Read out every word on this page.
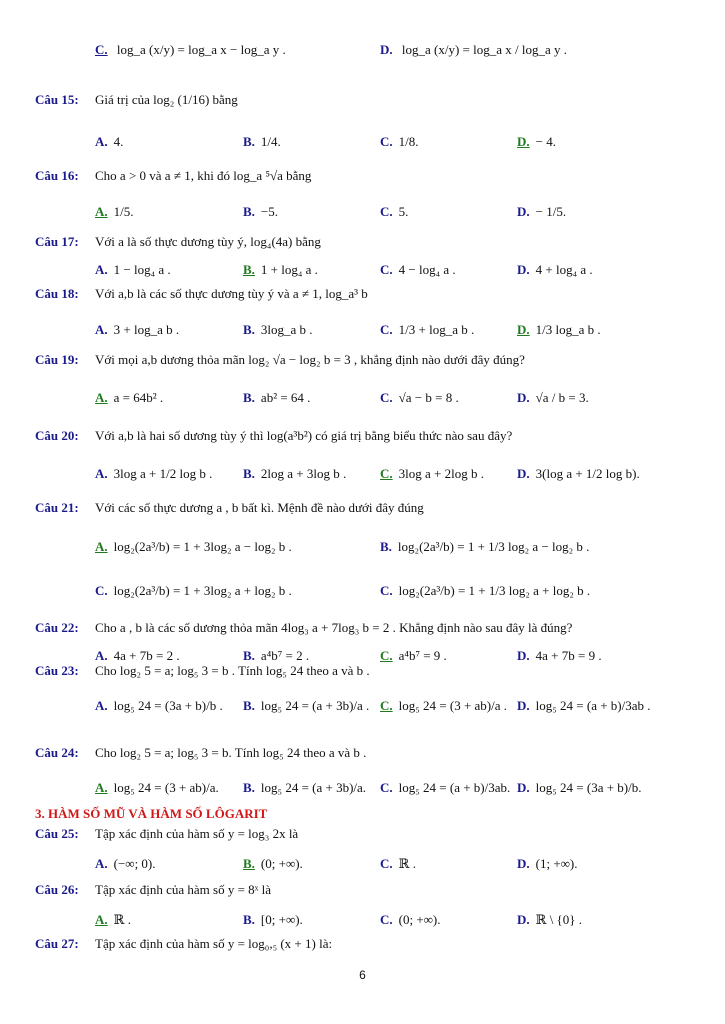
C. log_a (x/y) = log_a x − log_a y .	D. log_a (x/y) = log_a x / log_a y .
Câu 15: Giá trị của log₂ (1/16) bằng
A. 4.	B. 1/4.	C. 1/8.	D. − 4.
Câu 16: Cho a > 0 và a ≠ 1, khi đó log_a ⁵√a bằng
A. 1/5.	B. −5.	C. 5.	D. − 1/5.
Câu 17: Với a là số thực dương tùy ý, log₄(4a) bằng
A. 1 − log₄ a .	B. 1 + log₄ a .	C. 4 − log₄ a .	D. 4 + log₄ a .
Câu 18: Với a,b là các số thực dương tùy ý và a ≠ 1, log_a³ b
A. 3 + log_a b .	B. 3log_a b .	C. 1/3 + log_a b .	D. 1/3 log_a b .
Câu 19: Với mọi a,b dương thỏa mãn log₂ √a − log₂ b = 3 , khẳng định nào dưới đây đúng?
A. a = 64b² .	B. ab² = 64 .	C. √a − b = 8 .	D. √a / b = 3.
Câu 20: Với a,b là hai số dương tùy ý thì log(a³b²) có giá trị bằng biểu thức nào sau đây?
A. 3log a + 1/2 log b . B. 2log a + 3log b .	C. 3log a + 2log b .	D. 3(log a + 1/2 log b).
Câu 21: Với các số thực dương a , b bất kì. Mệnh đề nào dưới đây đúng
A. log₂(2a³/b) = 1 + 3log₂ a − log₂ b .	B. log₂(2a³/b) = 1 + 1/3 log₂ a − log₂ b .
C. log₂(2a³/b) = 1 + 3log₂ a + log₂ b .	C. log₂(2a³/b) = 1 + 1/3 log₂ a + log₂ b .
Câu 22: Cho a , b là các số dương thỏa mãn 4log₃ a + 7log₃ b = 2 . Khẳng định nào sau đây là đúng?
A. 4a + 7b = 2 .	B. a⁴b⁷ = 2 .	C. a⁴b⁷ = 9 .	D. 4a + 7b = 9 .
Câu 23: Cho log₂ 5 = a; log₅ 3 = b . Tính log₅ 24 theo a và b .
A. log₅ 24 = (3a + b)/b . B. log₅ 24 = (a + 3b)/a . C. log₅ 24 = (3 + ab)/a . D. log₅ 24 = (a + b)/3ab .
Câu 24: Cho log₂ 5 = a; log₅ 3 = b. Tính log₅ 24 theo a và b .
A. log₅ 24 = (3 + ab)/a. B. log₅ 24 = (a + 3b)/a. C. log₅ 24 = (a + b)/3ab. D. log₅ 24 = (3a + b)/b.
3. HÀM SỐ MŨ VÀ HÀM SỐ LÔGARIT
Câu 25: Tập xác định của hàm số y = log₃ 2x là
A. (−∞; 0).	B. (0; +∞).	C. ℝ .	D. (1; +∞).
Câu 26: Tập xác định của hàm số y = 8ˣ là
A. ℝ .	B. [0; +∞).	C. (0; +∞).	D. ℝ \ {0} .
Câu 27: Tập xác định của hàm số y = log₀,₅ (x + 1) là:
6
